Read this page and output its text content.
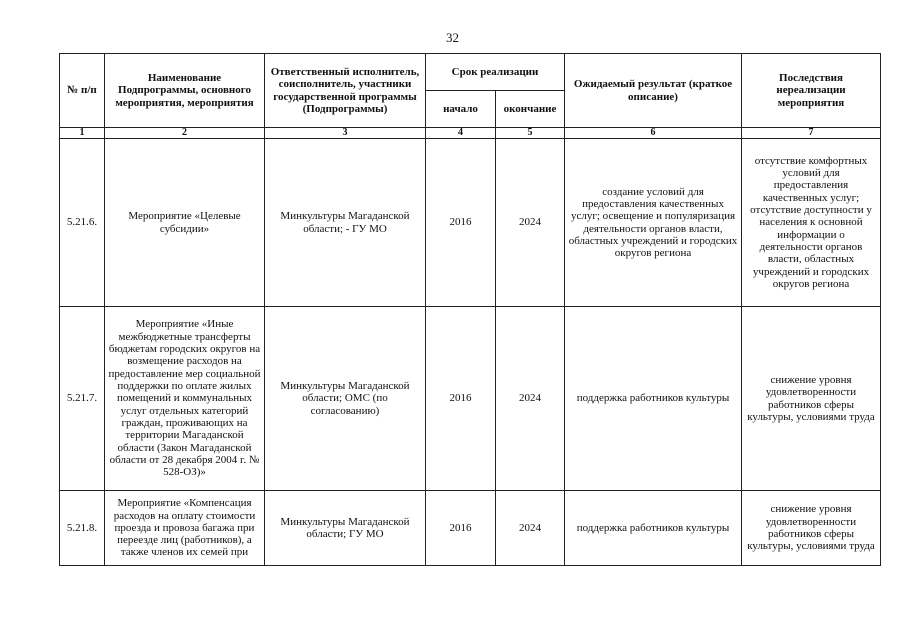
32
№ п/п	Наименование Подпрограммы, основного мероприятия, мероприятия	Ответственный исполнитель, соисполнитель, участники государственной программы (Подпрограммы)	Срок реализации		Ожидаемый результат (краткое описание)	Последствия нереализации мероприятия
			начало	окончание		
1	2	3	4	5	6	7
5.21.6.	Мероприятие «Целевые субсидии»	Минкультуры Магаданской области; - ГУ МО	2016	2024	создание условий для предоставления качественных услуг; освещение и популяризация деятельности органов власти, областных учреждений и городских округов региона	отсутствие комфортных условий для предоставления качественных услуг; отсутствие доступности у населения к основной информации о деятельности органов власти, областных учреждений и городских округов региона
5.21.7.	Мероприятие «Иные межбюджетные трансферты бюджетам городских округов на возмещение расходов на предоставление мер социальной поддержки по оплате жилых помещений и коммунальных услуг отдельных категорий граждан, проживающих на территории Магаданской области (Закон Магаданской области от 28 декабря 2004 г. № 528-ОЗ)»	Минкультуры Магаданской области; ОМС (по согласованию)	2016	2024	поддержка работников культуры	снижение уровня удовлетворенности работников сферы культуры, условиями труда
5.21.8.	Мероприятие «Компенсация расходов на оплату стоимости проезда и провоза багажа при переезде лиц (работников), а также членов их семей при	Минкультуры Магаданской области; ГУ МО	2016	2024	поддержка работников культуры	снижение уровня удовлетворенности работников сферы культуры, условиями труда
